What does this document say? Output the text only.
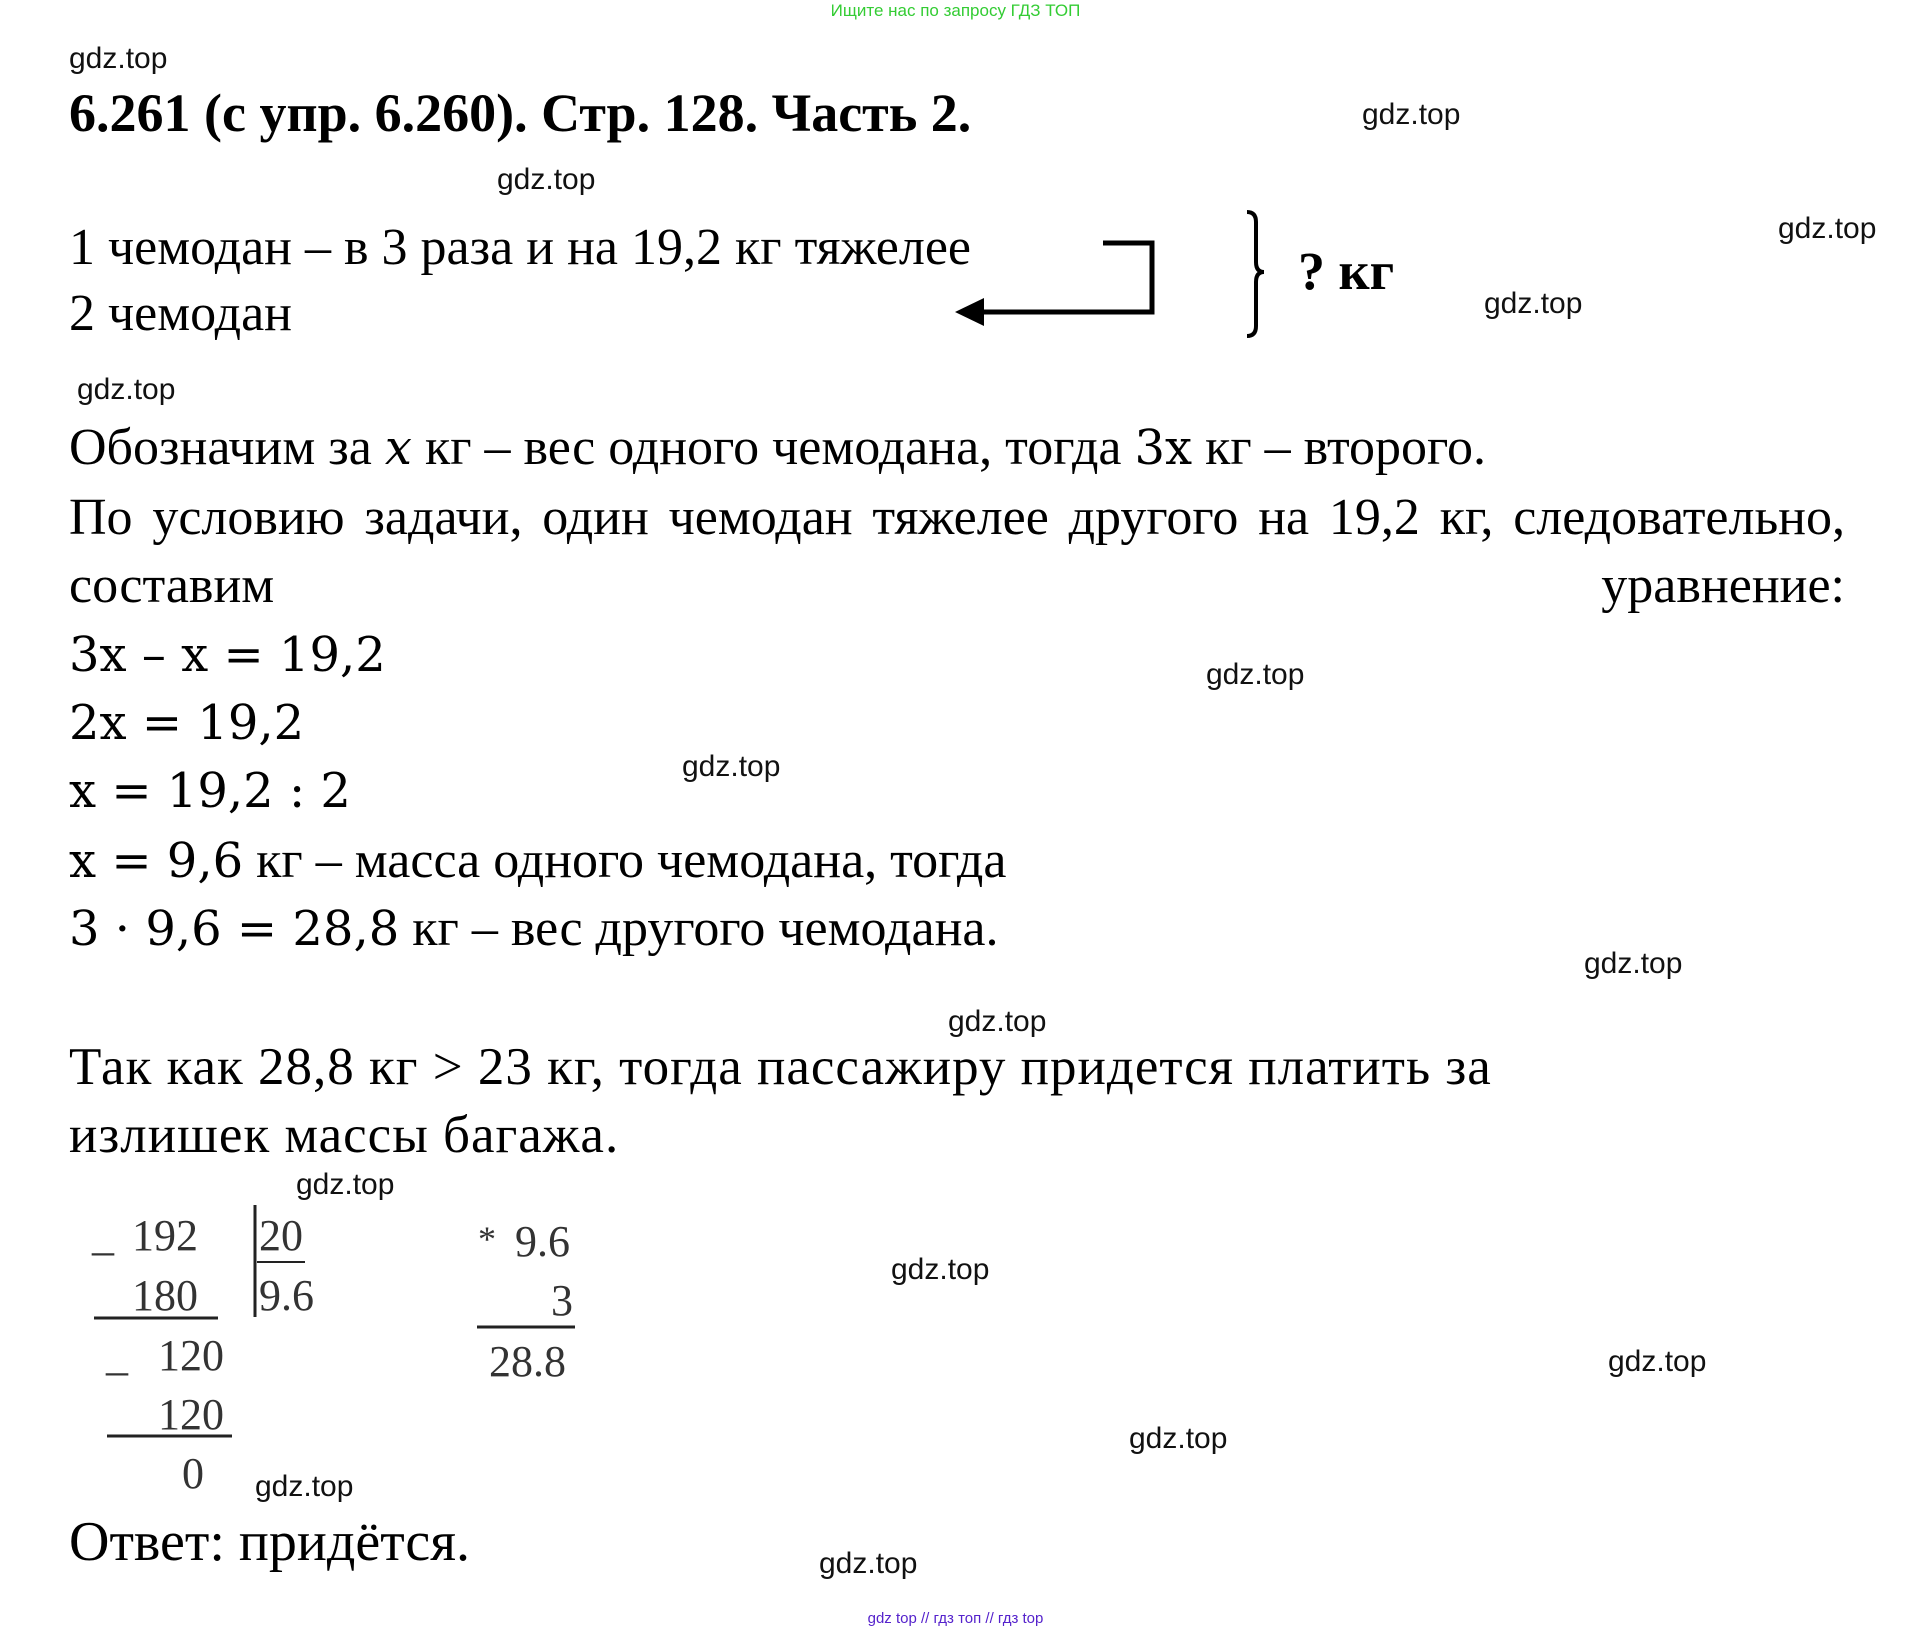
Ищите нас по запросу ГДЗ ТОП
gdz.top
gdz.top
gdz.top
gdz.top
gdz.top
gdz.top
gdz.top
gdz.top
gdz.top
gdz.top
gdz.top
gdz.top
gdz.top
gdz.top
gdz.top
gdz.top
6.261 (с упр. 6.260). Стр. 128. Часть 2.
1 чемодан – в 3 раза и на 19,2 кг тяжелее
2 чемодан
? кг
Обозначим за x кг – вес одного чемодана, тогда 3x кг – второго.
По условию задачи, один чемодан тяжелее другого на 19,2 кг, следовательно, составим уравнение:
3x – x = 19,2
2x = 19,2
x = 19,2 : 2
x = 9,6 кг – масса одного чемодана, тогда
3 · 9,6 = 28,8 кг – вес другого чемодана.
Так как 28,8 кг > 23 кг, тогда пассажиру придется платить за
излишек массы багажа.
_ 192 20
180 9.6
_ 120
120
0
* 9.6
3
28.8
Ответ: придётся.
gdz top // гдз топ // гдз top
